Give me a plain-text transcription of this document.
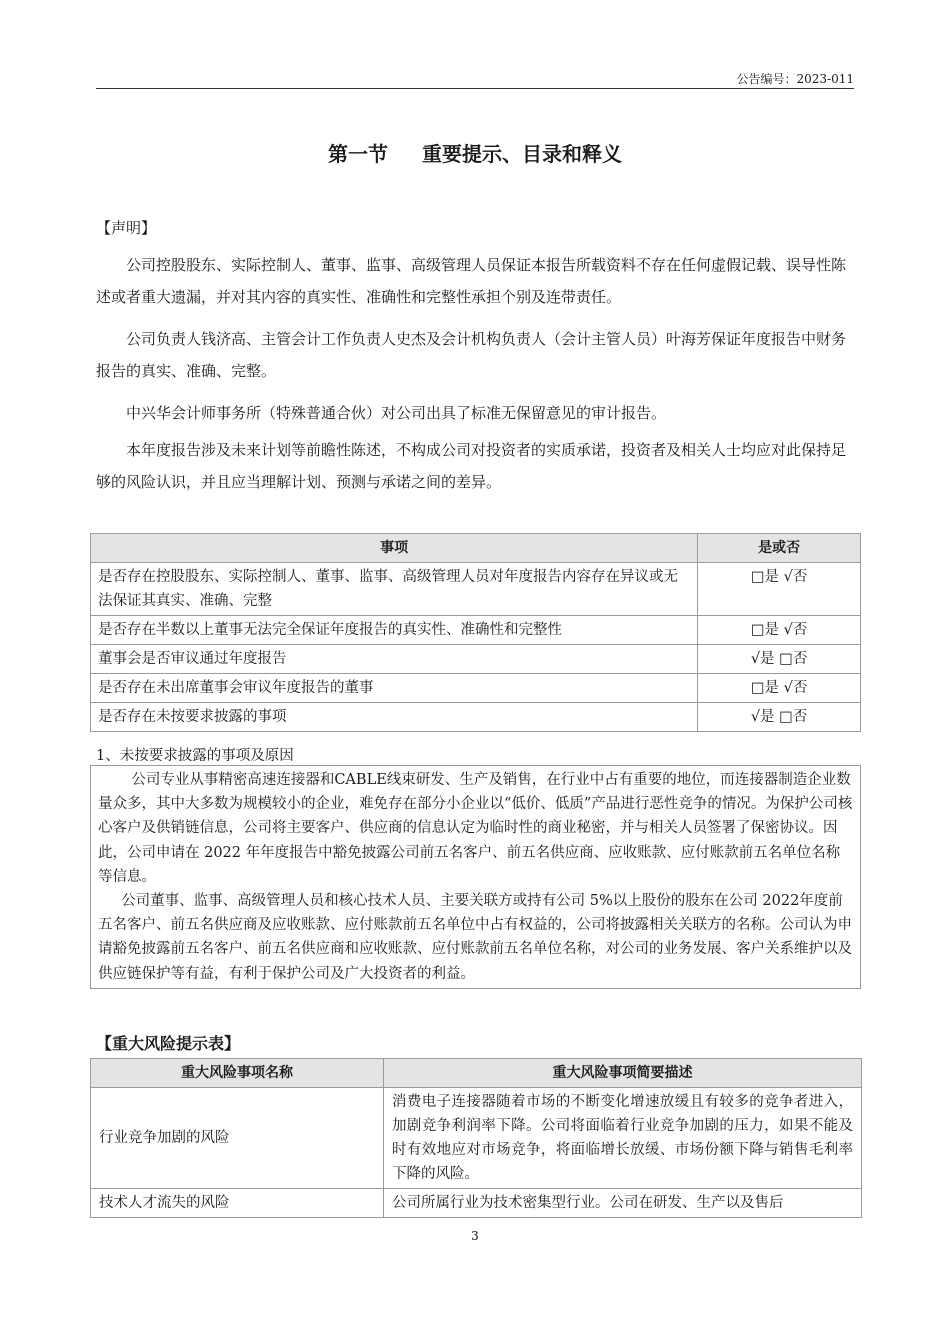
公告编号：2023-011
第一节 重要提示、目录和释义

【声明】

公司控股股东、实际控制人、董事、监事、高级管理人员保证本报告所载资料不存在任何虚假记载、误导性陈述或者重大遗漏，并对其内容的真实性、准确性和完整性承担个别及连带责任。

公司负责人钱济高、主管会计工作负责人史杰及会计机构负责人（会计主管人员）叶海芳保证年度报告中财务报告的真实、准确、完整。

中兴华会计师事务所（特殊普通合伙）对公司出具了标准无保留意见的审计报告。

本年度报告涉及未来计划等前瞻性陈述，不构成公司对投资者的实质承诺，投资者及相关人士均应对此保持足够的风险认识，并且应当理解计划、预测与承诺之间的差异。

事项	是或否
是否存在控股股东、实际控制人、董事、监事、高级管理人员对年度报告内容存在异议或无法保证其真实、准确、完整	□是 √否
是否存在半数以上董事无法完全保证年度报告的真实性、准确性和完整性	□是 √否
董事会是否审议通过年度报告	√是 □否
是否存在未出席董事会审议年度报告的董事	□是 √否
是否存在未按要求披露的事项	√是 □否
1、未按要求披露的事项及原因

公司专业从事精密高速连接器和CABLE线束研发、生产及销售，在行业中占有重要的地位，而连接器制造企业数量众多，其中大多数为规模较小的企业，难免存在部分小企业以“低价、低质”产品进行恶性竞争的情况。为保护公司核心客户及供销链信息，公司将主要客户、供应商的信息认定为临时性的商业秘密，并与相关人员签署了保密协议。因此，公司申请在 2022 年年度报告中豁免披露公司前五名客户、前五名供应商、应收账款、应付账款前五名单位名称等信息。

公司董事、监事、高级管理人员和核心技术人员、主要关联方或持有公司 5%以上股份的股东在公司 2022年度前五名客户、前五名供应商及应收账款、应付账款前五名单位中占有权益的，公司将披露相关关联方的名称。公司认为申请豁免披露前五名客户、前五名供应商和应收账款、应付账款前五名单位名称，对公司的业务发展、客户关系维护以及供应链保护等有益，有利于保护公司及广大投资者的利益。

【重大风险提示表】
重大风险事项名称	重大风险事项简要描述
行业竞争加剧的风险	消费电子连接器随着市场的不断变化增速放缓且有较多的竞争者进入，加剧竞争利润率下降。公司将面临着行业竞争加剧的压力，如果不能及时有效地应对市场竞争，将面临增长放缓、市场份额下降与销售毛利率下降的风险。
技术人才流失的风险	公司所属行业为技术密集型行业。公司在研发、生产以及售后
3
